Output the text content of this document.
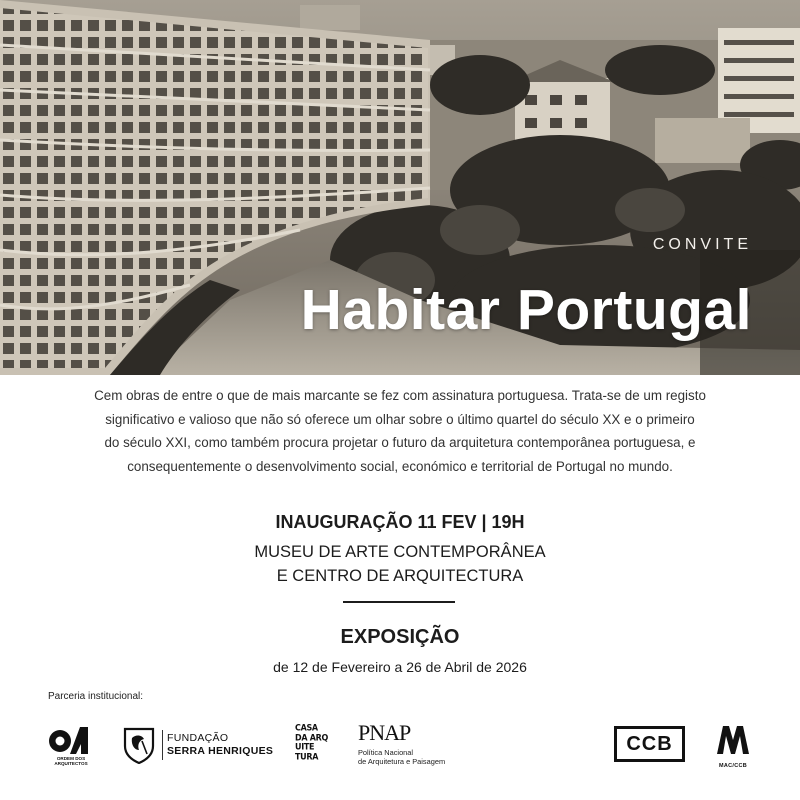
CONVITE
Habitar Portugal

Cem obras de entre o que de mais marcante se fez com assinatura portuguesa. Trata-se de um registo

significativo e valioso que não só oferece um olhar sobre o último quartel do século XX e o primeiro

do século XXI, como também procura projetar o futuro da arquitetura contemporânea portuguesa, e

consequentemente o desenvolvimento social, económico e territorial de Portugal no mundo.

INAUGURAÇÃO 11 FEV | 19H
MUSEU DE ARTE CONTEMPORÂNEA
E CENTRO DE ARQUITECTURA
EXPOSIÇÃO
de 12 de Fevereiro a 26 de Abril de 2026
Parceria institucional:
ORDEM DOS ARQUITECTOS
FUNDAÇÃO
SERRA HENRIQUES
CASA
DA ARQ
UITE
TURA
PNAP
Política Nacional
de Arquitetura e Paisagem
CCB
MAC/CCB
